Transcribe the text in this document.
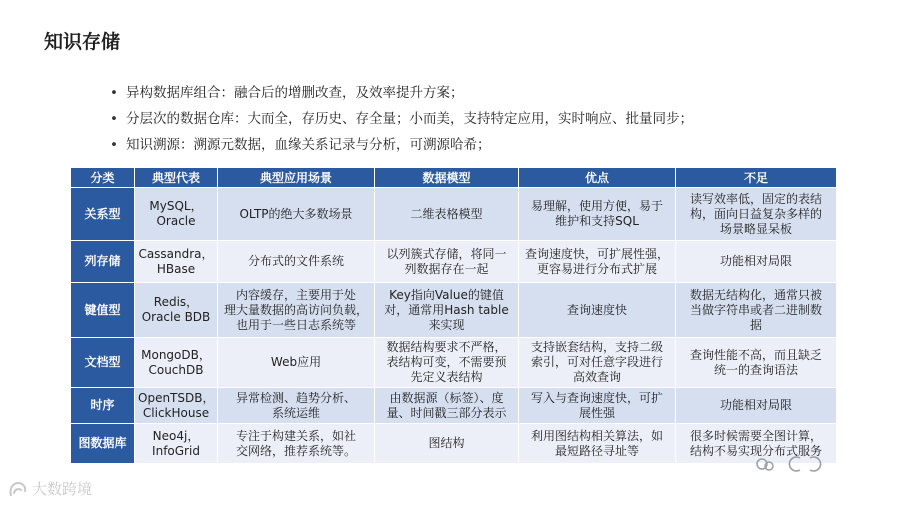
知识存储
• 异构数据库组合：融合后的增删改查，及效率提升方案；
• 分层次的数据仓库：大而全，存历史、存全量；小而美，支持特定应用，实时响应、批量同步；
• 知识溯源：溯源元数据，血缘关系记录与分析，可溯源哈希；
分类	典型代表	典型应用场景	数据模型	优点	不足
关系型	MySQL，
Oracle	OLTP的绝大多数场景	二维表格模型	易理解，使用方便，易于
维护和支持SQL	读写效率低，固定的表结
构，面向日益复杂多样的
场景略显呆板
列存储	Cassandra，
HBase	分布式的文件系统	以列簇式存储，将同一
列数据存在一起	查询速度快，可扩展性强，
更容易进行分布式扩展	功能相对局限
键值型	Redis，
Oracle BDB	内容缓存，主要用于处
理大量数据的高访问负载，
也用于一些日志系统等	Key指向Value的键值
对，通常用Hash table
来实现	查询速度快	数据无结构化，通常只被
当做字符串或者二进制数
据
文档型	MongoDB，
CouchDB	Web应用	数据结构要求不严格，
表结构可变，不需要预
先定义表结构	支持嵌套结构，支持二级
索引，可对任意字段进行
高效查询	查询性能不高，而且缺乏
统一的查询语法
时序	OpenTSDB，
ClickHouse	异常检测、趋势分析、
系统运维	由数据源（标签）、度
量、时间戳三部分表示	写入与查询速度快，可扩
展性强	功能相对局限
图数据库	Neo4j，
InfoGrid	专注于构建关系，如社
交网络，推荐系统等。	图结构	利用图结构相关算法，如
最短路径寻址等	很多时候需要全图计算，
结构不易实现分布式服务
大数跨境
